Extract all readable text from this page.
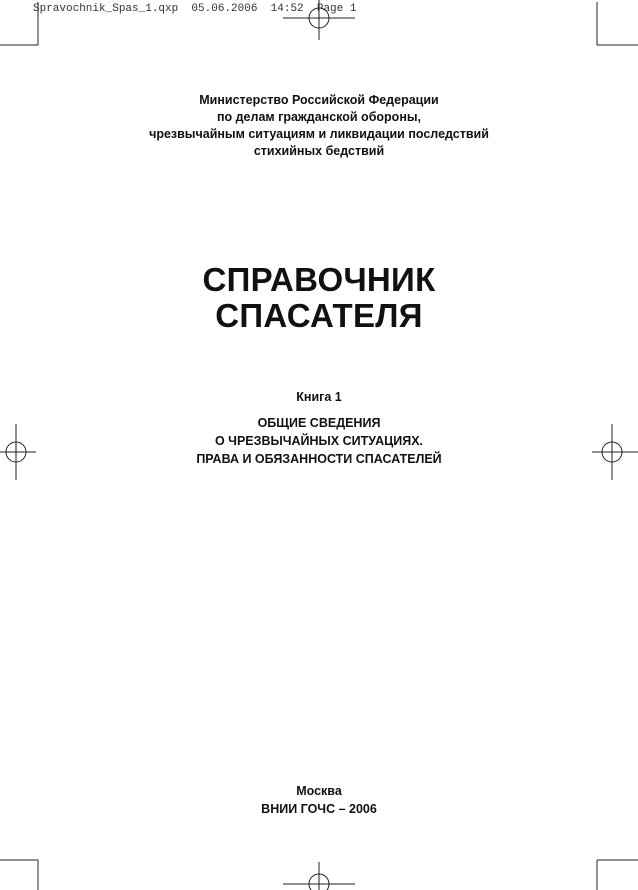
Spravochnik_Spas_1.qxp  05.06.2006  14:52  Page 1
Министерство Российской Федерации
по делам гражданской обороны,
чрезвычайным ситуациям и ликвидации последствий
стихийных бедствий
СПРАВОЧНИК
СПАСАТЕЛЯ
Книга 1
ОБЩИЕ СВЕДЕНИЯ
О ЧРЕЗВЫЧАЙНЫХ СИТУАЦИЯХ.
ПРАВА И ОБЯЗАННОСТИ СПАСАТЕЛЕЙ
Москва
ВНИИ ГОЧС – 2006
